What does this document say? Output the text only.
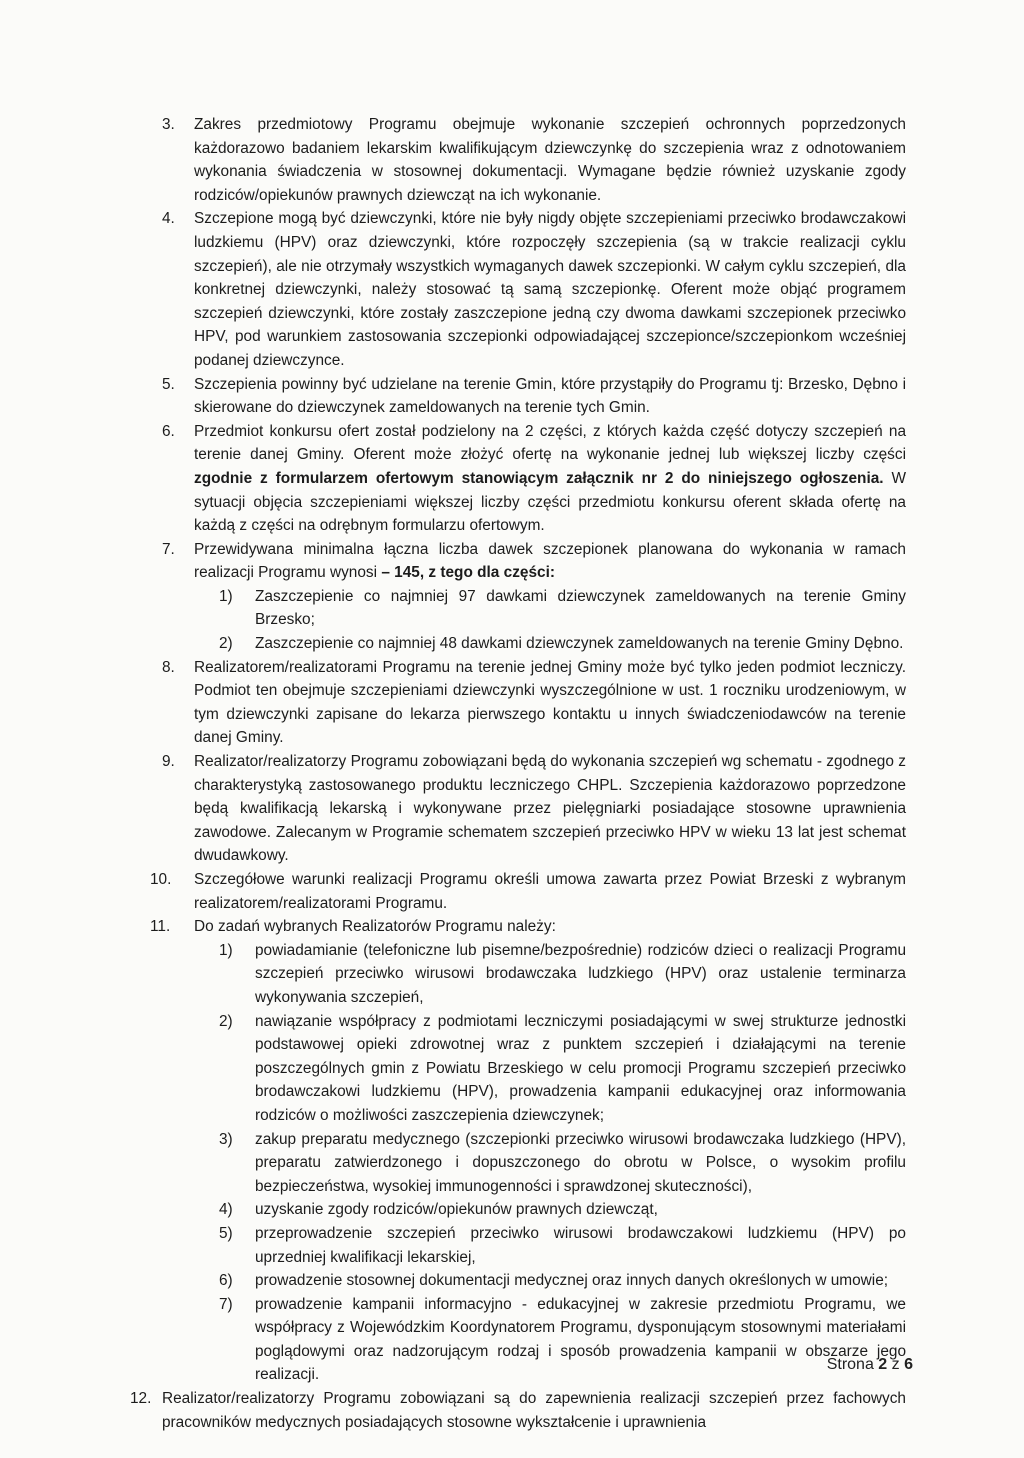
3. Zakres przedmiotowy Programu obejmuje wykonanie szczepień ochronnych poprzedzonych każdorazowo badaniem lekarskim kwalifikującym dziewczynkę do szczepienia wraz z odnotowaniem wykonania świadczenia w stosownej dokumentacji. Wymagane będzie również uzyskanie zgody rodziców/opiekunów prawnych dziewcząt na ich wykonanie.

4. Szczepione mogą być dziewczynki, które nie były nigdy objęte szczepieniami przeciwko brodawczakowi ludzkiemu (HPV) oraz dziewczynki, które rozpoczęły szczepienia (są w trakcie realizacji cyklu szczepień), ale nie otrzymały wszystkich wymaganych dawek szczepionki. W całym cyklu szczepień, dla konkretnej dziewczynki, należy stosować tą samą szczepionkę. Oferent może objąć programem szczepień dziewczynki, które zostały zaszczepione jedną czy dwoma dawkami szczepionek przeciwko HPV, pod warunkiem zastosowania szczepionki odpowiadającej szczepionce/szczepionkom wcześniej podanej dziewczynce.

5. Szczepienia powinny być udzielane na terenie Gmin, które przystąpiły do Programu tj: Brzesko, Dębno i skierowane do dziewczynek zameldowanych na terenie tych Gmin.

6. Przedmiot konkursu ofert został podzielony na 2 części, z których każda część dotyczy szczepień na terenie danej Gminy. Oferent może złożyć ofertę na wykonanie jednej lub większej liczby części zgodnie z formularzem ofertowym stanowiącym załącznik nr 2 do niniejszego ogłoszenia. W sytuacji objęcia szczepieniami większej liczby części przedmiotu konkursu oferent składa ofertę na każdą z części na odrębnym formularzu ofertowym.

7. Przewidywana minimalna łączna liczba dawek szczepionek planowana do wykonania w ramach realizacji Programu wynosi – 145, z tego dla części:

1) Zaszczepienie co najmniej 97 dawkami dziewczynek zameldowanych na terenie Gminy Brzesko;

2) Zaszczepienie co najmniej 48 dawkami dziewczynek zameldowanych na terenie Gminy Dębno.

8. Realizatorem/realizatorami Programu na terenie jednej Gminy może być tylko jeden podmiot leczniczy. Podmiot ten obejmuje szczepieniami dziewczynki wyszczególnione w ust. 1 roczniku urodzeniowym, w tym dziewczynki zapisane do lekarza pierwszego kontaktu u innych świadczeniodawców na terenie danej Gminy.

9. Realizator/realizatorzy Programu zobowiązani będą do wykonania szczepień wg schematu - zgodnego z charakterystyką zastosowanego produktu leczniczego CHPL. Szczepienia każdorazowo poprzedzone będą kwalifikacją lekarską i wykonywane przez pielęgniarki posiadające stosowne uprawnienia zawodowe. Zalecanym w Programie schematem szczepień przeciwko HPV w wieku 13 lat jest schemat dwudawkowy.

10. Szczegółowe warunki realizacji Programu określi umowa zawarta przez Powiat Brzeski z wybranym realizatorem/realizatorami Programu.

11. Do zadań wybranych Realizatorów Programu należy:

1) powiadamianie (telefoniczne lub pisemne/bezpośrednie) rodziców dzieci o realizacji Programu szczepień przeciwko wirusowi brodawczaka ludzkiego (HPV) oraz ustalenie terminarza wykonywania szczepień,

2) nawiązanie współpracy z podmiotami leczniczymi posiadającymi w swej strukturze jednostki podstawowej opieki zdrowotnej wraz z punktem szczepień i działającymi na terenie poszczególnych gmin z Powiatu Brzeskiego w celu promocji Programu szczepień przeciwko brodawczakowi ludzkiemu (HPV), prowadzenia kampanii edukacyjnej oraz informowania rodziców o możliwości zaszczepienia dziewczynek;

3) zakup preparatu medycznego (szczepionki przeciwko wirusowi brodawczaka ludzkiego (HPV), preparatu zatwierdzonego i dopuszczonego do obrotu w Polsce, o wysokim profilu bezpieczeństwa, wysokiej immunogenności i sprawdzonej skuteczności),

4) uzyskanie zgody rodziców/opiekunów prawnych dziewcząt,

5) przeprowadzenie szczepień przeciwko wirusowi brodawczakowi ludzkiemu (HPV) po uprzedniej kwalifikacji lekarskiej,

6) prowadzenie stosownej dokumentacji medycznej oraz innych danych określonych w umowie;

7) prowadzenie kampanii informacyjno - edukacyjnej w zakresie przedmiotu Programu, we współpracy z Wojewódzkim Koordynatorem Programu, dysponującym stosownymi materiałami poglądowymi oraz nadzorującym rodzaj i sposób prowadzenia kampanii w obszarze jego realizacji.

12. Realizator/realizatorzy Programu zobowiązani są do zapewnienia realizacji szczepień przez fachowych pracowników medycznych posiadających stosowne wykształcenie i uprawnienia

Strona 2 z 6
